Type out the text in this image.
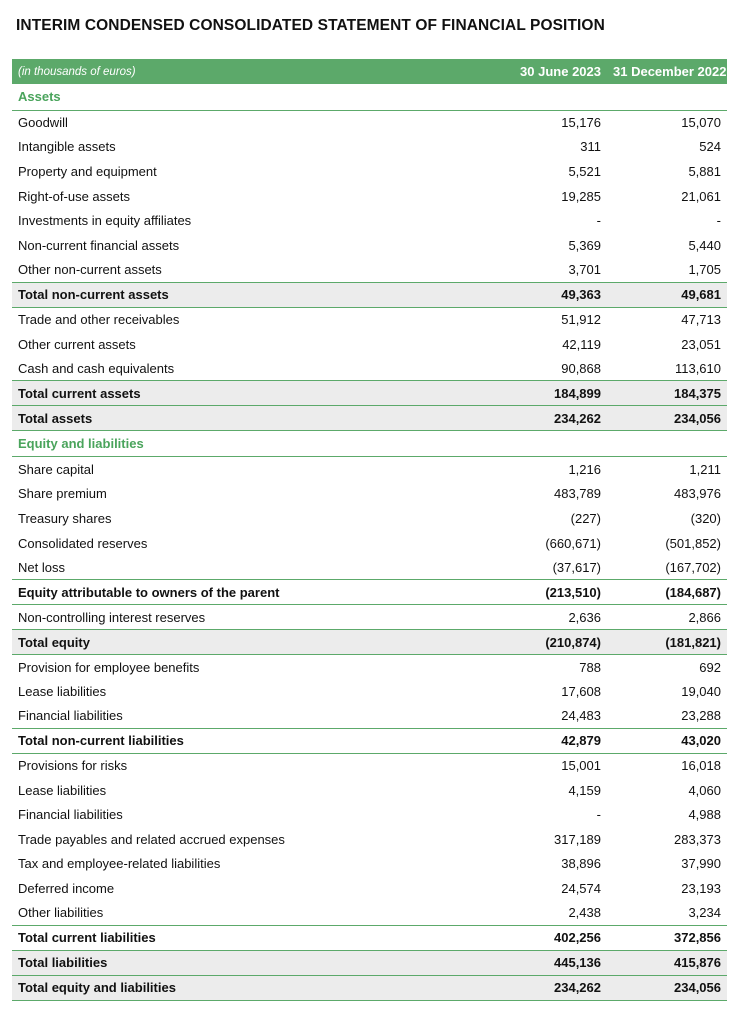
INTERIM CONDENSED CONSOLIDATED STATEMENT OF FINANCIAL POSITION
(in thousands of euros)	30 June 2023	31 December 2022
Assets		
Goodwill	15,176	15,070
Intangible assets	311	524
Property and equipment	5,521	5,881
Right-of-use assets	19,285	21,061
Investments in equity affiliates	-	-
Non-current financial assets	5,369	5,440
Other non-current assets	3,701	1,705
Total non-current assets	49,363	49,681
Trade and other receivables	51,912	47,713
Other current assets	42,119	23,051
Cash and cash equivalents	90,868	113,610
Total current assets	184,899	184,375
Total assets	234,262	234,056
Equity and liabilities		
Share capital	1,216	1,211
Share premium	483,789	483,976
Treasury shares	(227)	(320)
Consolidated reserves	(660,671)	(501,852)
Net loss	(37,617)	(167,702)
Equity attributable to owners of the parent	(213,510)	(184,687)
Non-controlling interest reserves	2,636	2,866
Total equity	(210,874)	(181,821)
Provision for employee benefits	788	692
Lease liabilities	17,608	19,040
Financial liabilities	24,483	23,288
Total non-current liabilities	42,879	43,020
Provisions for risks	15,001	16,018
Lease liabilities	4,159	4,060
Financial liabilities	-	4,988
Trade payables and related accrued expenses	317,189	283,373
Tax and employee-related liabilities	38,896	37,990
Deferred income	24,574	23,193
Other liabilities	2,438	3,234
Total current liabilities	402,256	372,856
Total liabilities	445,136	415,876
Total equity and liabilities	234,262	234,056
